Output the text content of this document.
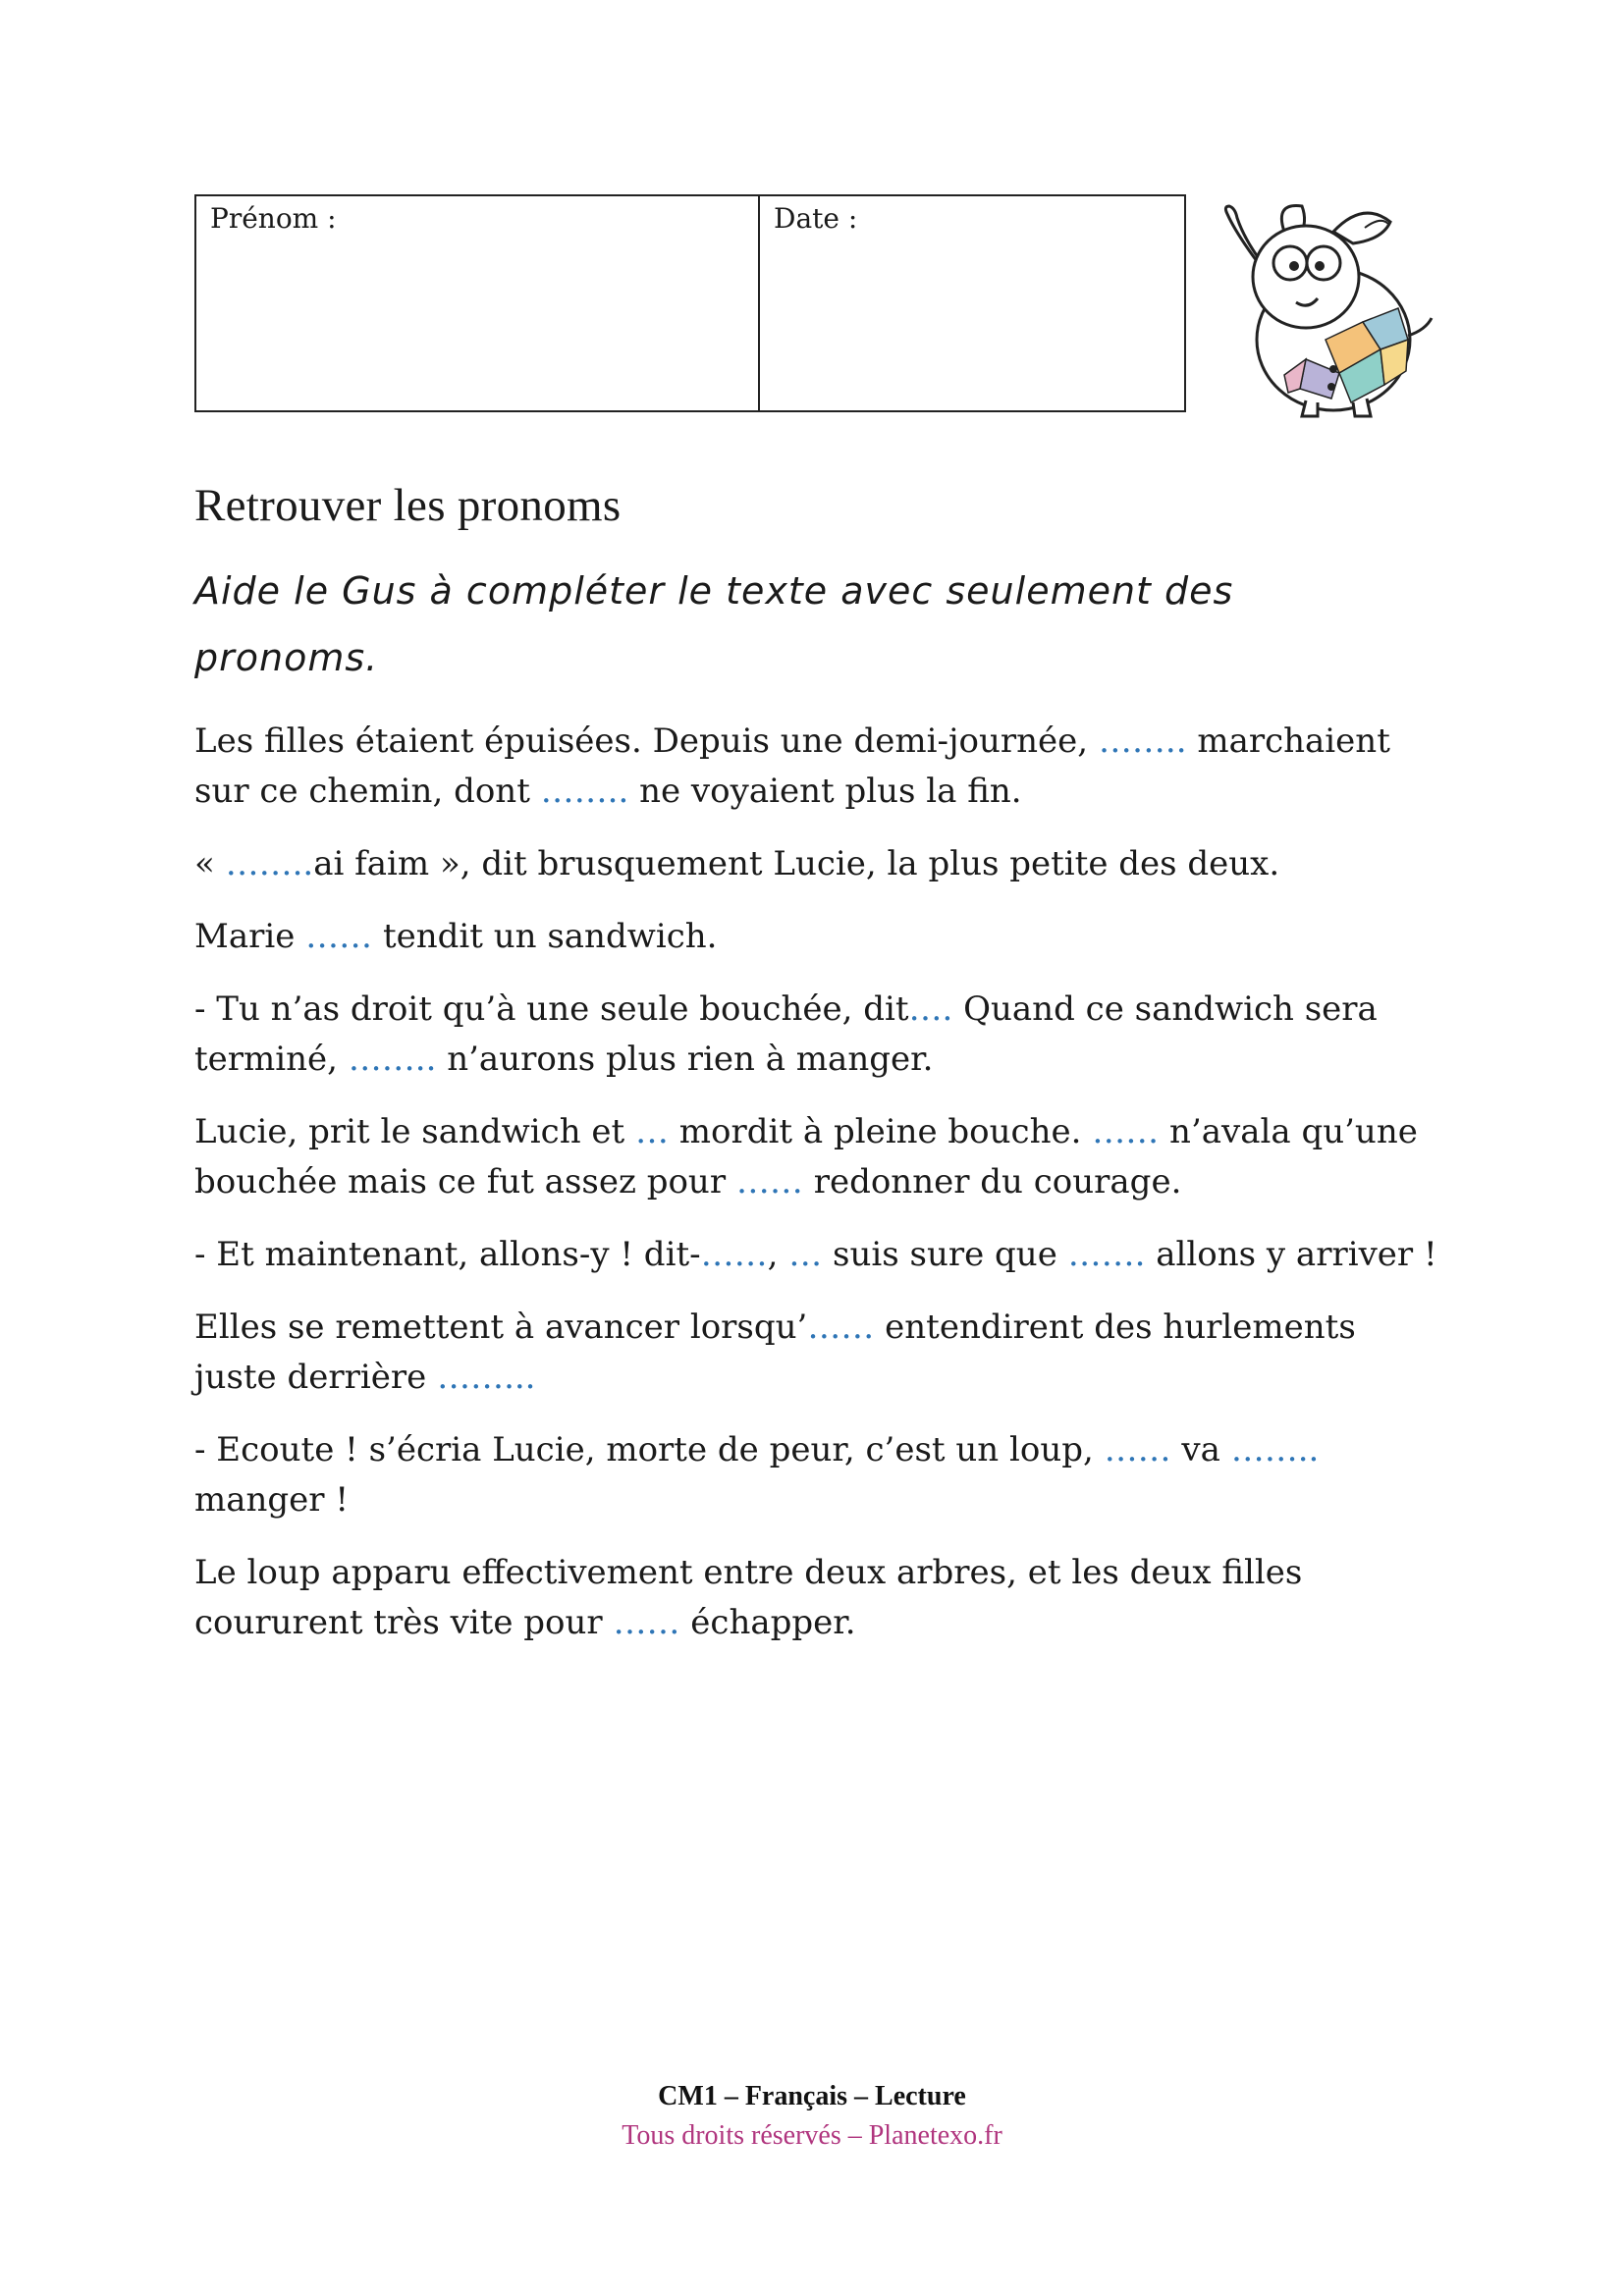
Prénom :	Date :
Retrouver les pronoms

Aide le Gus à compléter le texte avec seulement des pronoms.

Les filles étaient épuisées. Depuis une demi-journée, …….. marchaient sur ce chemin, dont …….. ne voyaient plus la fin.

« ……..ai faim », dit brusquement Lucie, la plus petite des deux.

Marie …… tendit un sandwich.

- Tu n’as droit qu’à une seule bouchée, dit…. Quand ce sandwich sera terminé, …….. n’aurons plus rien à manger.

Lucie, prit le sandwich et … mordit à pleine bouche. …… n’avala qu’une bouchée mais ce fut assez pour …… redonner du courage.

- Et maintenant, allons-y ! dit-……, … suis sure que ……. allons y arriver !

Elles se remettent à avancer lorsqu’…… entendirent des hurlements juste derrière ……...

- Ecoute ! s’écria Lucie, morte de peur, c’est un loup, …… va …….. manger !

Le loup apparu effectivement entre deux arbres, et les deux filles coururent très vite pour …… échapper.

CM1 – Français – Lecture
Tous droits réservés – Planetexo.fr
